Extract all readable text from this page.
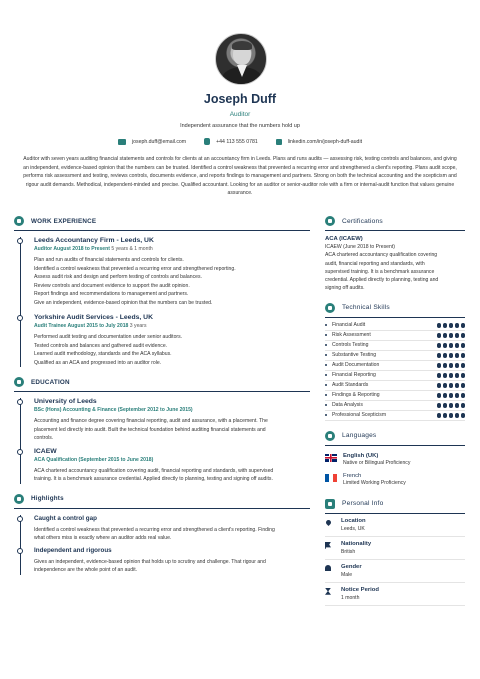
Joseph Duff
Auditor
Independent assurance that the numbers hold up
joseph.duff@email.com	+44 113 555 0781	linkedin.com/in/joseph-duff-audit
Auditor with seven years auditing financial statements and controls for clients at an accountancy firm in Leeds. Plans and runs audits — assessing risk, testing controls and balances, and giving an independent, evidence-based opinion that the numbers can be trusted. Identified a control weakness that prevented a recurring error and strengthened a client's reporting. Plans audit scope, performs risk assessment and testing, reviews controls, documents evidence, and reports findings to management and partners. Strong on both the technical accounting and the scepticism and rigour audit demands. Methodical, independent-minded and precise. Qualified accountant. Looking for an auditor or senior-auditor role with a firm or internal-audit function that values genuine assurance.
WORK EXPERIENCE
Leeds Accountancy Firm - Leeds, UK
Auditor August 2018 to Present 5 years & 1 month
Plan and run audits of financial statements and controls for clients.
Identified a control weakness that prevented a recurring error and strengthened reporting.
Assess audit risk and design and perform testing of controls and balances.
Review controls and document evidence to support the audit opinion.
Report findings and recommendations to management and partners.
Give an independent, evidence-based opinion that the numbers can be trusted.
Yorkshire Audit Services - Leeds, UK
Audit Trainee August 2015 to July 2018 3 years
Performed audit testing and documentation under senior auditors.
Tested controls and balances and gathered audit evidence.
Learned audit methodology, standards and the ACA syllabus.
Qualified as an ACA and progressed into an auditor role.
EDUCATION
University of Leeds
BSc (Hons) Accounting & Finance (September 2012 to June 2015)
Accounting and finance degree covering financial reporting, audit and assurance, with a placement. The
placement led directly into audit. Built the technical foundation behind auditing financial statements and
controls.
ICAEW
ACA Qualification (September 2015 to June 2018)
ACA chartered accountancy qualification covering audit, financial reporting and standards, with supervised
training. It is a benchmark assurance credential. Applied directly to planning, testing and signing off audits.
Highlights
Caught a control gap
Identified a control weakness that prevented a recurring error and strengthened a client's reporting. Finding
what others miss is exactly where an auditor adds real value.
Independent and rigorous
Gives an independent, evidence-based opinion that holds up to scrutiny and challenge. That rigour and
independence are the whole point of an audit.
Certifications
ACA (ICAEW)
ICAEW (June 2018 to Present)
ACA chartered accountancy qualification covering
audit, financial reporting and standards, with
supervised training. It is a benchmark assurance
credential. Applied directly to planning, testing and
signing off audits.
Technical Skills
Financial Audit
Risk Assessment
Controls Testing
Substantive Testing
Audit Documentation
Financial Reporting
Audit Standards
Findings & Reporting
Data Analysis
Professional Scepticism
Languages
English (UK)
Native or Bilingual Proficiency
French
Limited Working Proficiency
Personal Info
Location
Leeds, UK
Nationality
British
Gender
Male
Notice Period
1 month
